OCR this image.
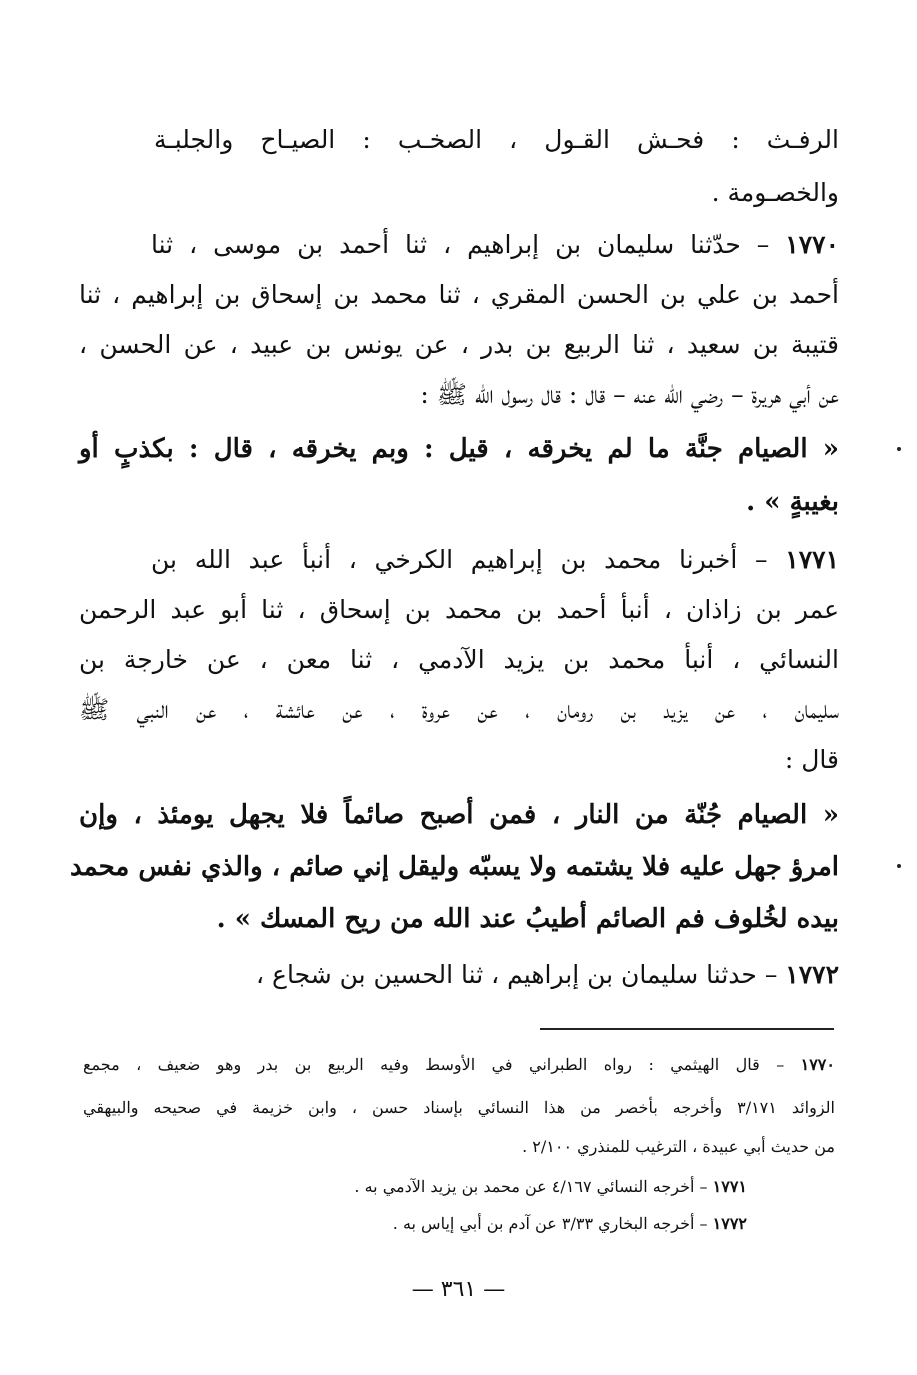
الرفـث : فحـش القـول ، الصخـب : الصيـاح والجلبـة
والخصـومة .
١٧٧٠ – حدّثنا سليمان بن إبراهيم ، ثنا أحمد بن موسى ، ثنا
أحمد بن علي بن الحسن المقري ، ثنا محمد بن إسحاق بن إبراهيم ، ثنا
قتيبة بن سعيد ، ثنا الربيع بن بدر ، عن يونس بن عبيد ، عن الحسن ،
عن أبي هريرة – رضي الله عنه – قال : قال رسول الله ﷺ :
« الصيام جنَّة ما لم يخرقه ، قيل : وبم يخرقه ، قال : بكذبٍ أو
بغيبةٍ » .
١٧٧١ – أخبرنا محمد بن إبراهيم الكرخي ، أنبأ عبد الله بن
عمر بن زاذان ، أنبأ أحمد بن محمد بن إسحاق ، ثنا أبو عبد الرحمن
النسائي ، أنبأ محمد بن يزيد الآدمي ، ثنا معن ، عن خارجة بن
سليمان ، عن يزيد بن رومان ، عن عروة ، عن عائشة ، عن النبي ﷺ
قال :
« الصيام جُنّة من النار ، فمن أصبح صائماً فلا يجهل يومئذ ، وإن
امرؤ جهل عليه فلا يشتمه ولا يسبّه وليقل إني صائم ، والذي نفس محمد
بيده لخُلوف فم الصائم أطيبُ عند الله من ريح المسك » .
١٧٧٢ – حدثنا سليمان بن إبراهيم ، ثنا الحسين بن شجاع ،
١٧٧٠ – قال الهيثمي : رواه الطبراني في الأوسط وفيه الربيع بن بدر وهو ضعيف ، مجمع
الزوائد ٣/١٧١ وأخرجه بأخصر من هذا النسائي بإسناد حسن ، وابن خزيمة في صحيحه والبيهقي
من حديث أبي عبيدة ، الترغيب للمنذري ٢/١٠٠ .
١٧٧١ – أخرجه النسائي ٤/١٦٧ عن محمد بن يزيد الآدمي به .
١٧٧٢ – أخرجه البخاري ٣/٣٣ عن آدم بن أبي إياس به .
— ٣٦١ —
